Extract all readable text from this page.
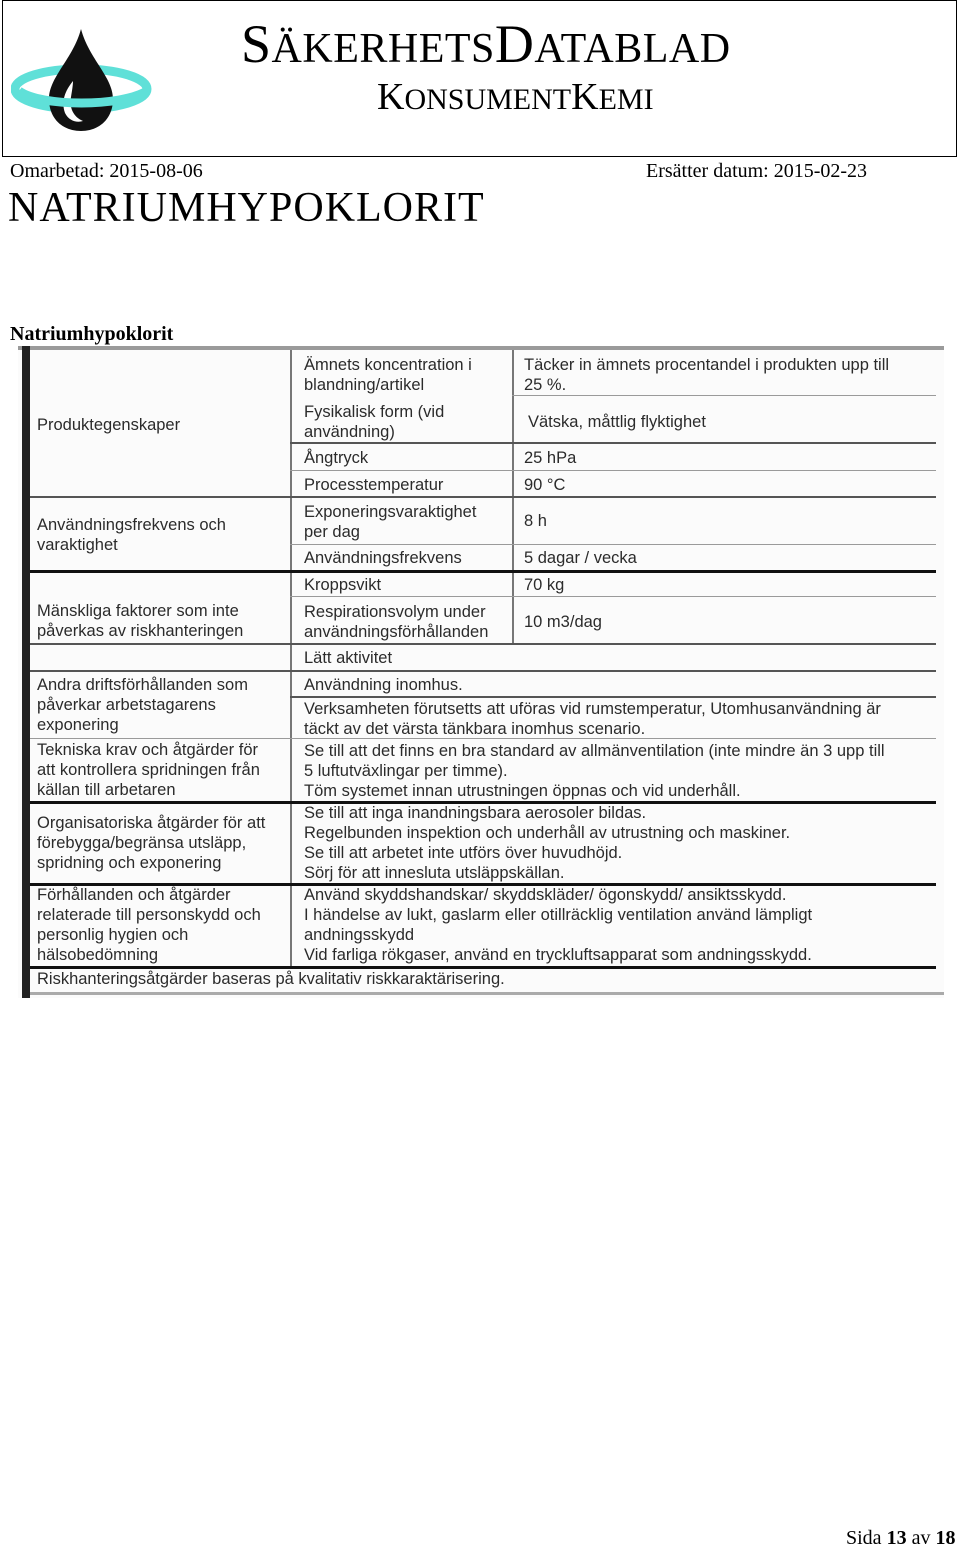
SÄKERHETSDATABLAD
KONSUMENTKEMI
Omarbetad: 2015-08-06	Ersätter datum: 2015-02-23
NATRIUMHYPOKLORIT
Natriumhypoklorit
Produktegenskaper
Användningsfrekvens och
varaktighet
Mänskliga faktorer som inte
påverkas av riskhanteringen
Andra driftsförhållanden som
påverkar arbetstagarens
exponering
Tekniska krav och åtgärder för
att kontrollera spridningen från
källan till arbetaren
Organisatoriska åtgärder för att
förebygga/begränsa utsläpp,
spridning och exponering
Förhållanden och åtgärder
relaterade till personskydd och
personlig hygien och
hälsobedömning
Ämnets koncentration i
blandning/artikel
Fysikalisk form (vid
användning)
Ångtryck
Processtemperatur
Exponeringsvaraktighet
per dag
Användningsfrekvens
Kroppsvikt
Respirationsvolym under
användningsförhållanden
Lätt aktivitet
Täcker in ämnets procentandel i produkten upp till
25 %.
Vätska, måttlig flyktighet
25 hPa
90 °C
8 h
5 dagar / vecka
70 kg
10 m3/dag
Användning inomhus.
Verksamheten förutsetts att uföras vid rumstemperatur, Utomhusanvändning är
täckt av det värsta tänkbara inomhus scenario.
Se till att det finns en bra standard av allmänventilation (inte mindre än 3 upp till
5 luftutväxlingar per timme).
Töm systemet innan utrustningen öppnas och vid underhåll.
Se till att inga inandningsbara aerosoler bildas.
Regelbunden inspektion och underhåll av utrustning och maskiner.
Se till att arbetet inte utförs över huvudhöjd.
Sörj för att innesluta utsläppskällan.
Använd skyddshandskar/ skyddskläder/ ögonskydd/ ansiktsskydd.
I händelse av lukt, gaslarm eller otillräcklig ventilation använd lämpligt
andningsskydd
Vid farliga rökgaser, använd en tryckluftsapparat som andningsskydd.
Riskhanteringsåtgärder baseras på kvalitativ riskkaraktärisering.
Sida 13 av 18
